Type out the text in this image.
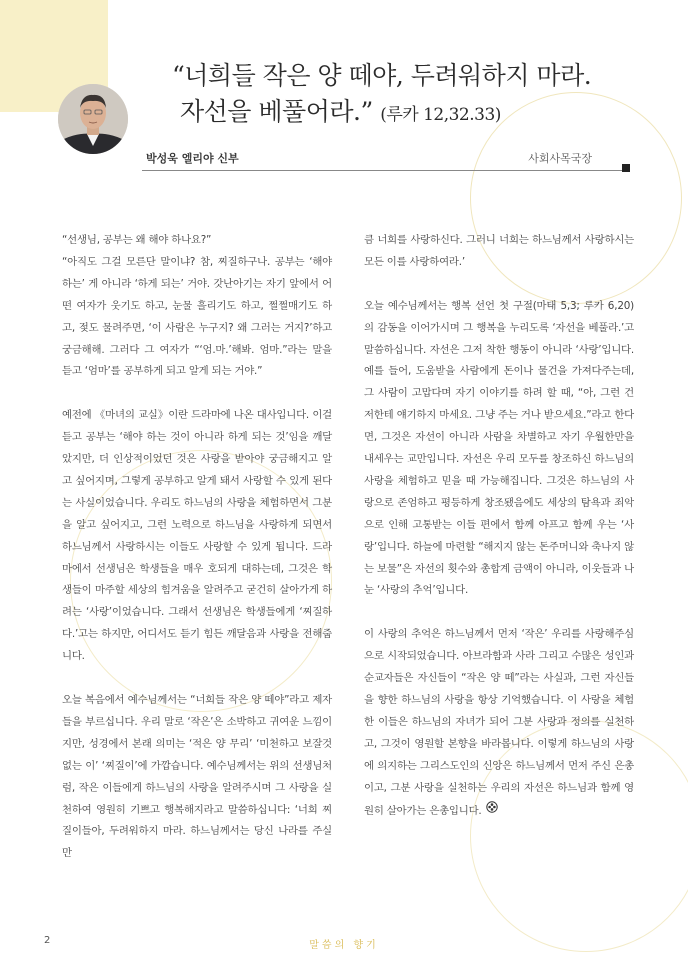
“너희들 작은 양 떼야, 두려워하지 마라.
자선을 베풀어라.” (루카 12,32.33)
박성욱 엘리야 신부	사회사목국장

“선생님, 공부는 왜 해야 하나요?”

“아직도 그걸 모른단 말이냐? 참, 찌질하구나. 공부는 ‘해야 하는’ 게 아니라 ‘하게 되는’ 거야. 갓난아기는 자기 앞에서 어떤 여자가 웃기도 하고, 눈물 흘리기도 하고, 쩔쩔매기도 하고, 젖도 물려주면, ‘이 사람은 누구지? 왜 그러는 거지?’하고 궁금해해. 그러다 그 여자가 “‘엄.마.’해봐. 엄마.”라는 말을 듣고 ‘엄마’를 공부하게 되고 알게 되는 거야.”

예전에 《마녀의 교실》이란 드라마에 나온 대사입니다. 이걸 듣고 공부는 ‘해야 하는 것이 아니라 하게 되는 것’임을 깨달았지만, 더 인상적이었던 것은 사랑을 받아야 궁금해지고 알고 싶어지며, 그렇게 공부하고 알게 돼서 사랑할 수 있게 된다는 사실이었습니다. 우리도 하느님의 사랑을 체험하면서 그분을 알고 싶어지고, 그런 노력으로 하느님을 사랑하게 되면서 하느님께서 사랑하시는 이들도 사랑할 수 있게 됩니다. 드라마에서 선생님은 학생들을 매우 호되게 대하는데, 그것은 학생들이 마주할 세상의 힘겨움을 알려주고 굳건히 살아가게 하려는 ‘사랑’이었습니다. 그래서 선생님은 학생들에게 ‘찌질하다.’고는 하지만, 어디서도 듣기 힘든 깨달음과 사랑을 전해줍니다.

오늘 복음에서 예수님께서는 “너희들 작은 양 떼야”라고 제자들을 부르십니다. 우리 말로 ‘작은’은 소박하고 귀여운 느낌이지만, 성경에서 본래 의미는 ‘적은 양 무리’ ‘미천하고 보잘것없는 이’ ‘찌질이’에 가깝습니다. 예수님께서는 위의 선생님처럼, 작은 이들에게 하느님의 사랑을 알려주시며 그 사랑을 실천하여 영원히 기쁘고 행복해지라고 말씀하십니다: ‘너희 찌질이들아, 두려워하지 마라. 하느님께서는 당신 나라를 주실 만

큼 너희를 사랑하신다. 그러니 너희는 하느님께서 사랑하시는 모든 이를 사랑하여라.’

오늘 예수님께서는 행복 선언 첫 구절(마태 5,3; 루카 6,20)의 감동을 이어가시며 그 행복을 누리도록 ‘자선을 베풀라.’고 말씀하십니다. 자선은 그저 착한 행동이 아니라 ‘사랑’입니다. 예를 들어, 도움받을 사람에게 돈이나 물건을 가져다주는데, 그 사람이 고맙다며 자기 이야기를 하려 할 때, “아, 그런 건 저한테 얘기하지 마세요. 그냥 주는 거나 받으세요.”라고 한다면, 그것은 자선이 아니라 사람을 차별하고 자기 우월한만을 내세우는 교만입니다. 자선은 우리 모두를 창조하신 하느님의 사랑을 체험하고 믿을 때 가능해집니다. 그것은 하느님의 사랑으로 존엄하고 평등하게 창조됐음에도 세상의 탐욕과 죄악으로 인해 고통받는 이들 편에서 함께 아프고 함께 우는 ‘사랑’입니다. 하늘에 마련할 “해지지 않는 돈주머니와 축나지 않는 보물”은 자선의 횟수와 총합계 금액이 아니라, 이웃들과 나눈 ‘사랑의 추억’입니다.

이 사랑의 추억은 하느님께서 먼저 ‘작은’ 우리를 사랑해주심으로 시작되었습니다. 아브라함과 사라 그리고 수많은 성인과 순교자들은 자신들이 “작은 양 떼”라는 사실과, 그런 자신들을 향한 하느님의 사랑을 항상 기억했습니다. 이 사랑을 체험한 이들은 하느님의 자녀가 되어 그분 사랑과 정의를 실천하고, 그것이 영원할 본향을 바라봅니다. 이렇게 하느님의 사랑에 의지하는 그리스도인의 신앙은 하느님께서 먼저 주신 은총이고, 그분 사랑을 실천하는 우리의 자선은 하느님과 함께 영원히 살아가는 은총입니다.

2	말씀의 향기
